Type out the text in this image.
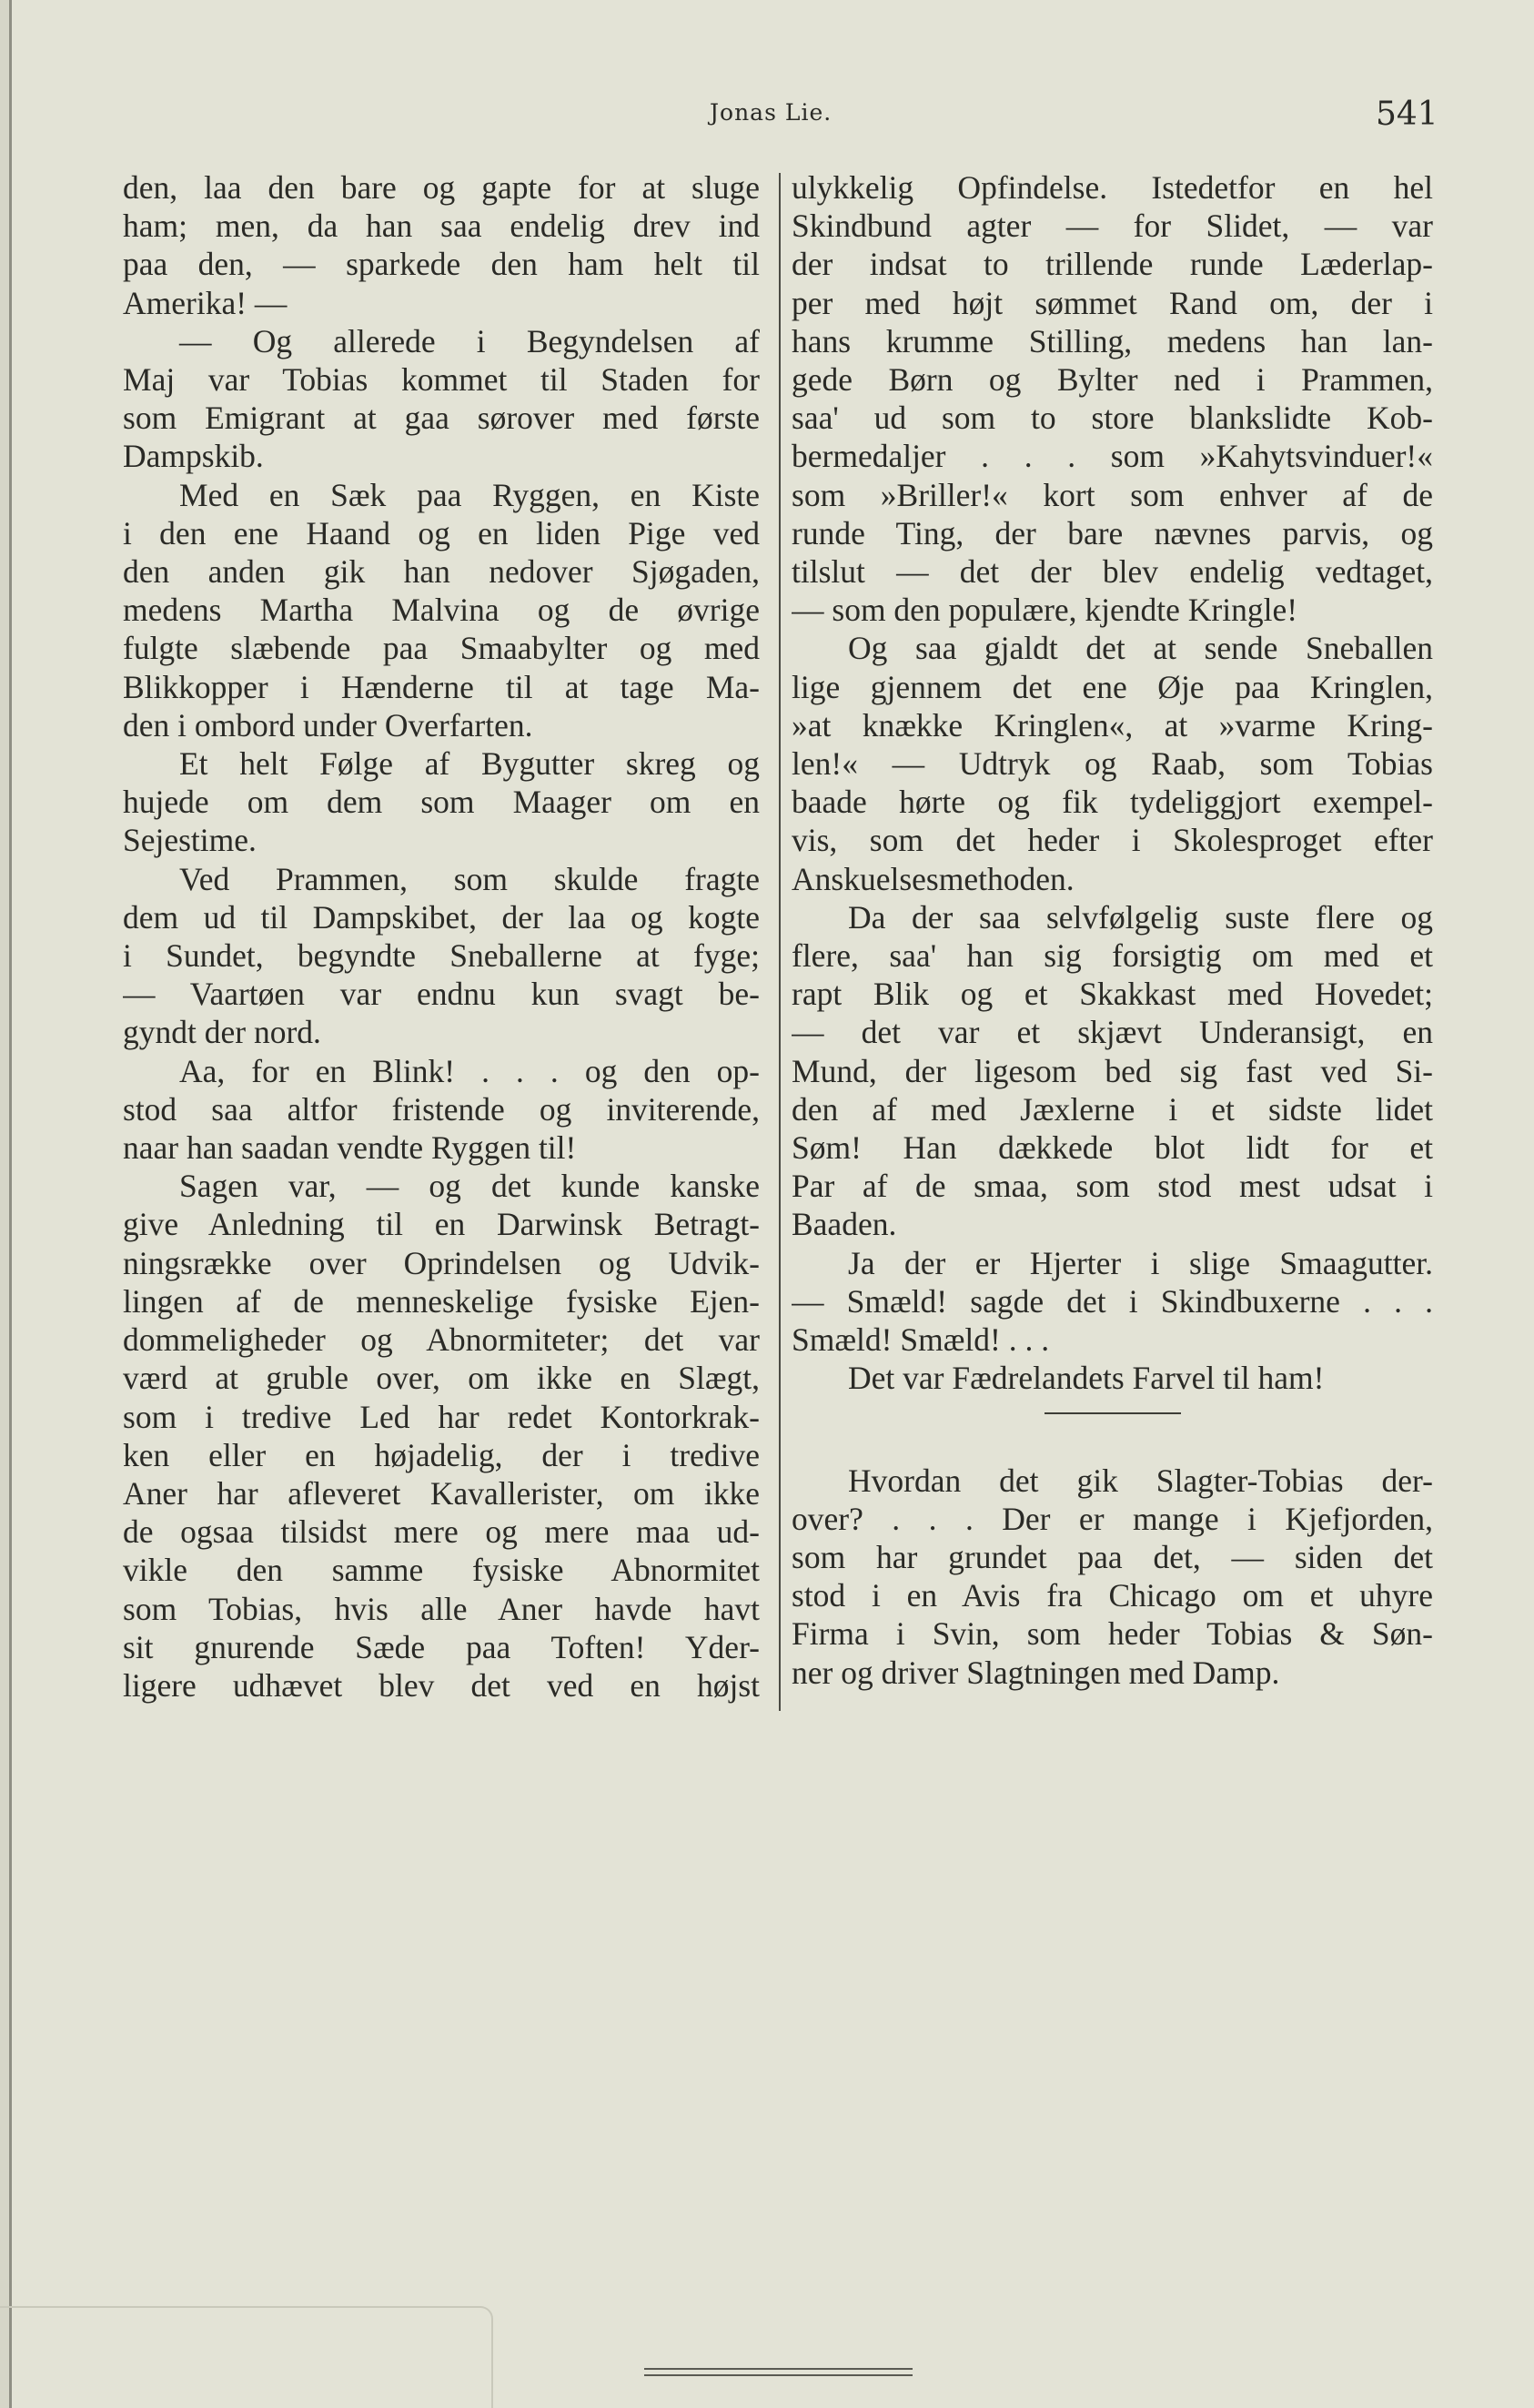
Jonas Lie.	541
den, laa den bare og gapte for at sluge
ham; men, da han saa endelig drev ind
paa den, — sparkede den ham helt til
Amerika! —
— Og allerede i Begyndelsen af
Maj var Tobias kommet til Staden for
som Emigrant at gaa sørover med første
Dampskib.
Med en Sæk paa Ryggen, en Kiste
i den ene Haand og en liden Pige ved
den anden gik han nedover Sjøgaden,
medens Martha Malvina og de øvrige
fulgte slæbende paa Smaabylter og med
Blikkopper i Hænderne til at tage Ma-
den i ombord under Overfarten.
Et helt Følge af Bygutter skreg og
hujede om dem som Maager om en
Sejestime.
Ved Prammen, som skulde fragte
dem ud til Dampskibet, der laa og kogte
i Sundet, begyndte Sneballerne at fyge;
— Vaartøen var endnu kun svagt be-
gyndt der nord.
Aa, for en Blink! . . . og den op-
stod saa altfor fristende og inviterende,
naar han saadan vendte Ryggen til!
Sagen var, — og det kunde kanske
give Anledning til en Darwinsk Betragt-
ningsrække over Oprindelsen og Udvik-
lingen af de menneskelige fysiske Ejen-
dommeligheder og Abnormiteter; det var
værd at gruble over, om ikke en Slægt,
som i tredive Led har redet Kontorkrak-
ken eller en højadelig, der i tredive
Aner har afleveret Kavallerister, om ikke
de ogsaa tilsidst mere og mere maa ud-
vikle den samme fysiske Abnormitet
som Tobias, hvis alle Aner havde havt
sit gnurende Sæde paa Toften! Yder-
ligere udhævet blev det ved en højst
ulykkelig Opfindelse. Istedetfor en hel
Skindbund agter — for Slidet, — var
der indsat to trillende runde Læderlap-
per med højt sømmet Rand om, der i
hans krumme Stilling, medens han lan-
gede Børn og Bylter ned i Prammen,
saa' ud som to store blankslidte Kob-
bermedaljer . . . som »Kahytsvinduer!«
som »Briller!« kort som enhver af de
runde Ting, der bare nævnes parvis, og
tilslut — det der blev endelig vedtaget,
— som den populære, kjendte Kringle!
Og saa gjaldt det at sende Sneballen
lige gjennem det ene Øje paa Kringlen,
»at knække Kringlen«, at »varme Kring-
len!« — Udtryk og Raab, som Tobias
baade hørte og fik tydeliggjort exempel-
vis, som det heder i Skolesproget efter
Anskuelsesmethoden.
Da der saa selvfølgelig suste flere og
flere, saa' han sig forsigtig om med et
rapt Blik og et Skakkast med Hovedet;
— det var et skjævt Underansigt, en
Mund, der ligesom bed sig fast ved Si-
den af med Jæxlerne i et sidste lidet
Søm! Han dækkede blot lidt for et
Par af de smaa, som stod mest udsat i
Baaden.
Ja der er Hjerter i slige Smaagutter.
— Smæld! sagde det i Skindbuxerne . . .
Smæld! Smæld! . . .
Det var Fædrelandets Farvel til ham!
Hvordan det gik Slagter-Tobias der-
over? . . . Der er mange i Kjefjorden,
som har grundet paa det, — siden det
stod i en Avis fra Chicago om et uhyre
Firma i Svin, som heder Tobias & Søn-
ner og driver Slagtningen med Damp.
